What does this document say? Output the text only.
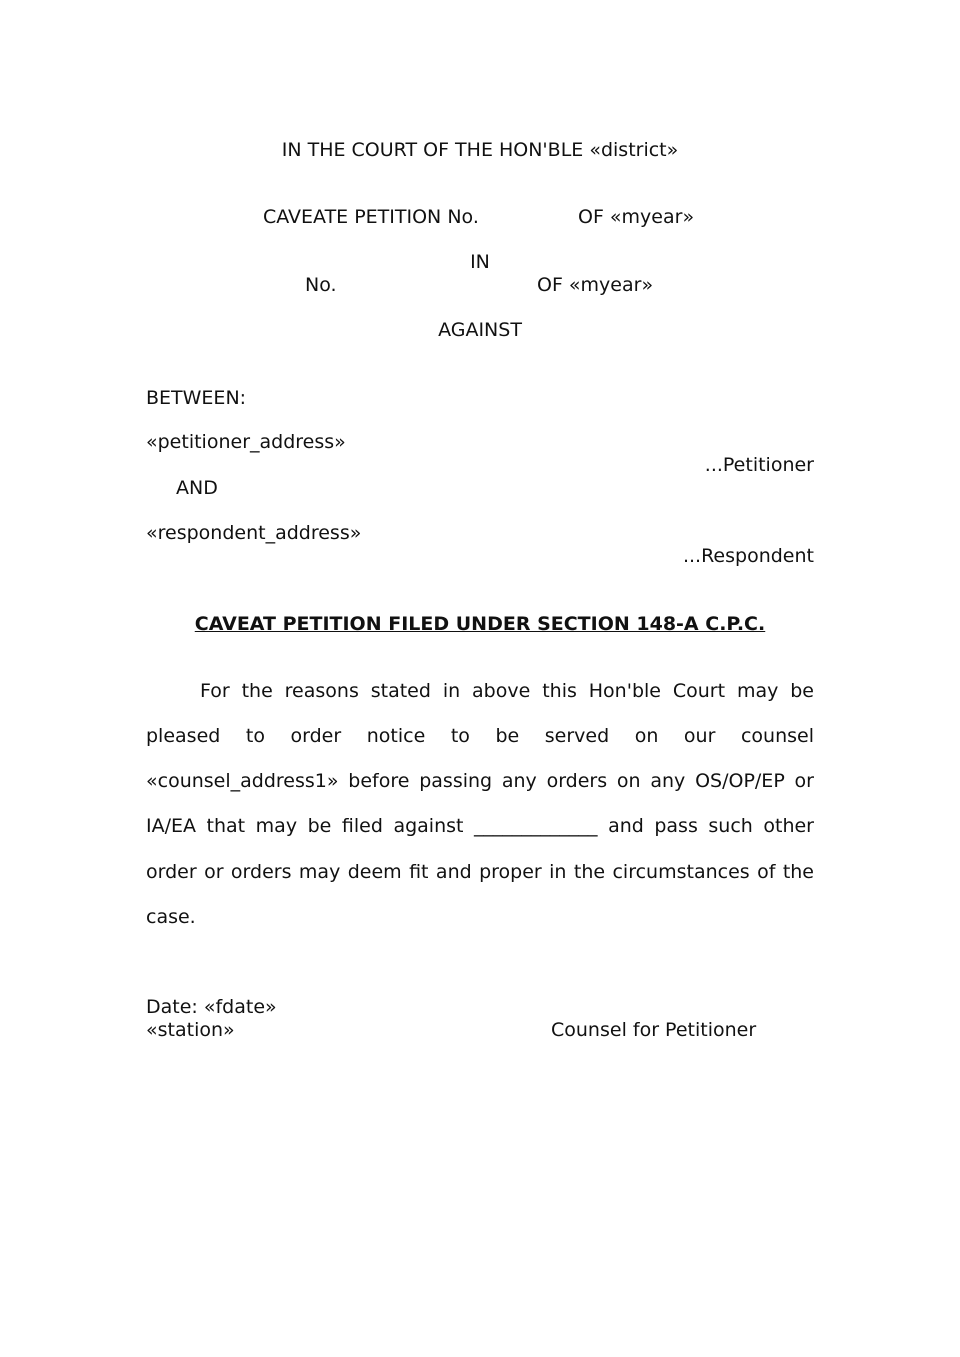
IN THE COURT OF THE HON'BLE «district»
CAVEATE PETITION No.	OF «myear»
IN
No.	OF «myear»
AGAINST
BETWEEN:
«petitioner_address»
...Petitioner
AND
«respondent_address»
...Respondent
CAVEAT PETITION FILED UNDER SECTION 148-A C.P.C.
For the reasons stated in above this Hon'ble Court may be
pleased to order notice to be served on our counsel
«counsel_address1» before passing any orders on any OS/OP/EP or
IA/EA that may be filed against _____________ and pass such other
order or orders may deem fit and proper in the circumstances of the
case.
Date: «fdate»
«station»	Counsel for Petitioner
